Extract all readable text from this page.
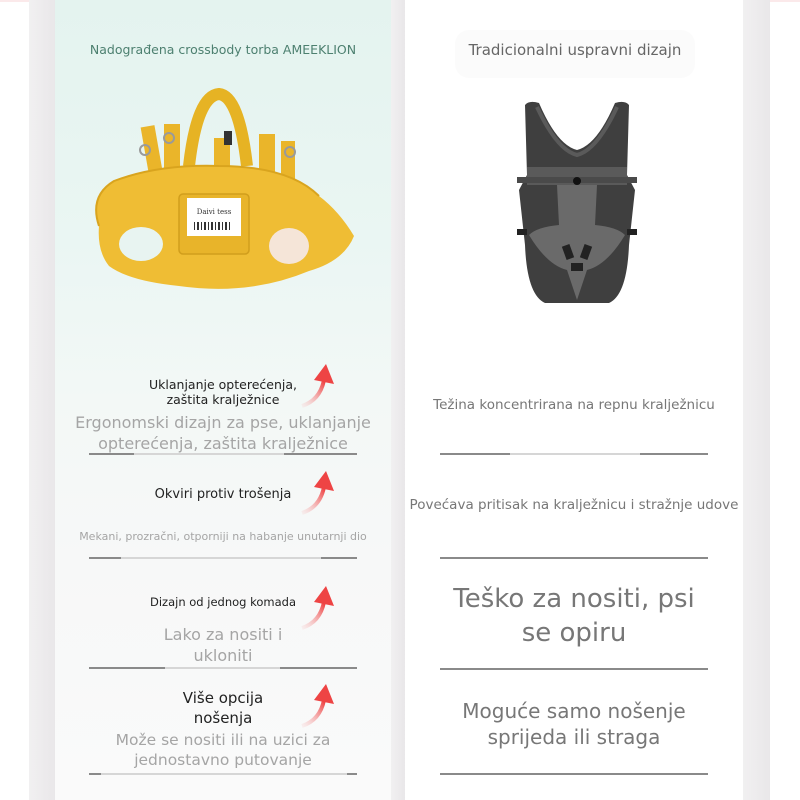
Nadograđena crossbody torba AMEEKLION
Daivi tess
Uklanjanje opterećenja,
zaštita kralježnice
Ergonomski dizajn za pse, uklanjanje
opterećenja, zaštita kralježnice
Okviri protiv trošenja
Mekani, prozračni, otporniji na habanje unutarnji dio
Dizajn od jednog komada
Lako za nositi i
ukloniti
Više opcija
nošenja
Može se nositi ili na uzici za
jednostavno putovanje
Tradicionalni uspravni dizajn
Težina koncentrirana na repnu kralježnicu
Povećava pritisak na kralježnicu i stražnje udove
Teško za nositi, psi
se opiru
Moguće samo nošenje
sprijeda ili straga
